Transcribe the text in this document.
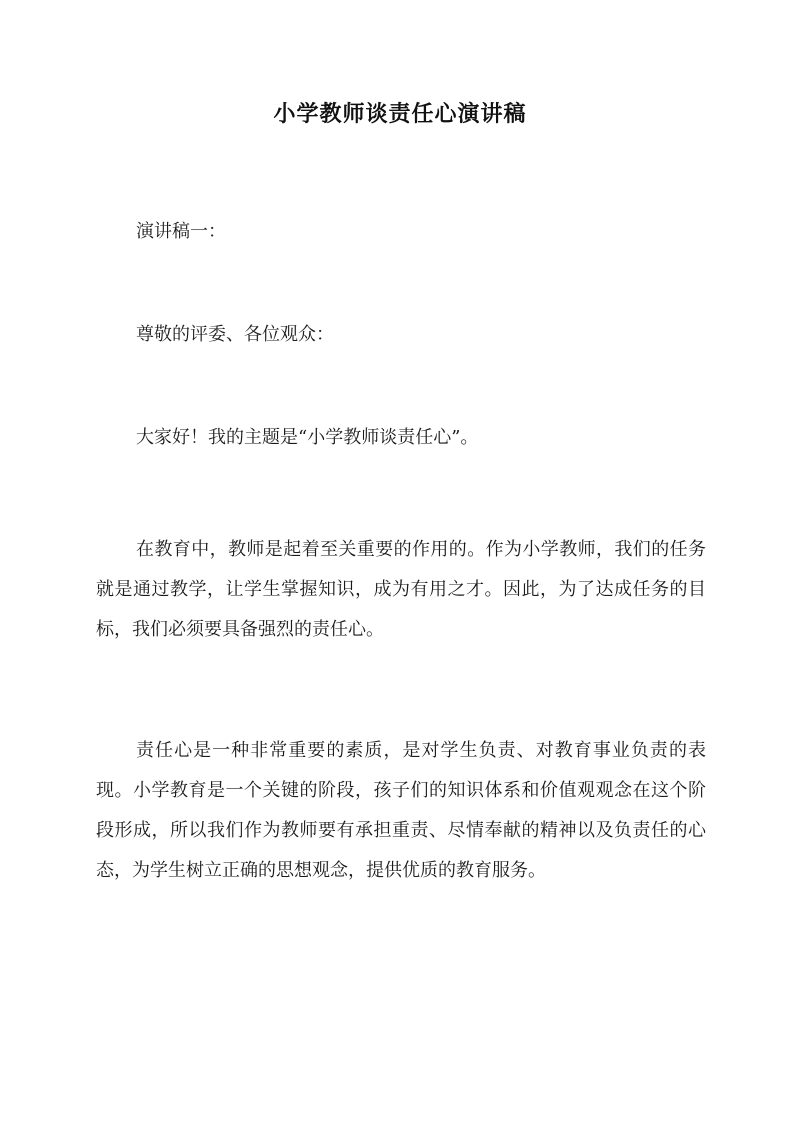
小学教师谈责任心演讲稿

演讲稿一：

尊敬的评委、各位观众：

大家好！我的主题是“小学教师谈责任心”。

在教育中，教师是起着至关重要的作用的。作为小学教师，我们的任务就是通过教学，让学生掌握知识，成为有用之才。因此，为了达成任务的目标，我们必须要具备强烈的责任心。

责任心是一种非常重要的素质，是对学生负责、对教育事业负责的表现。小学教育是一个关键的阶段，孩子们的知识体系和价值观观念在这个阶段形成，所以我们作为教师要有承担重责、尽情奉献的精神以及负责任的心态，为学生树立正确的思想观念，提供优质的教育服务。
